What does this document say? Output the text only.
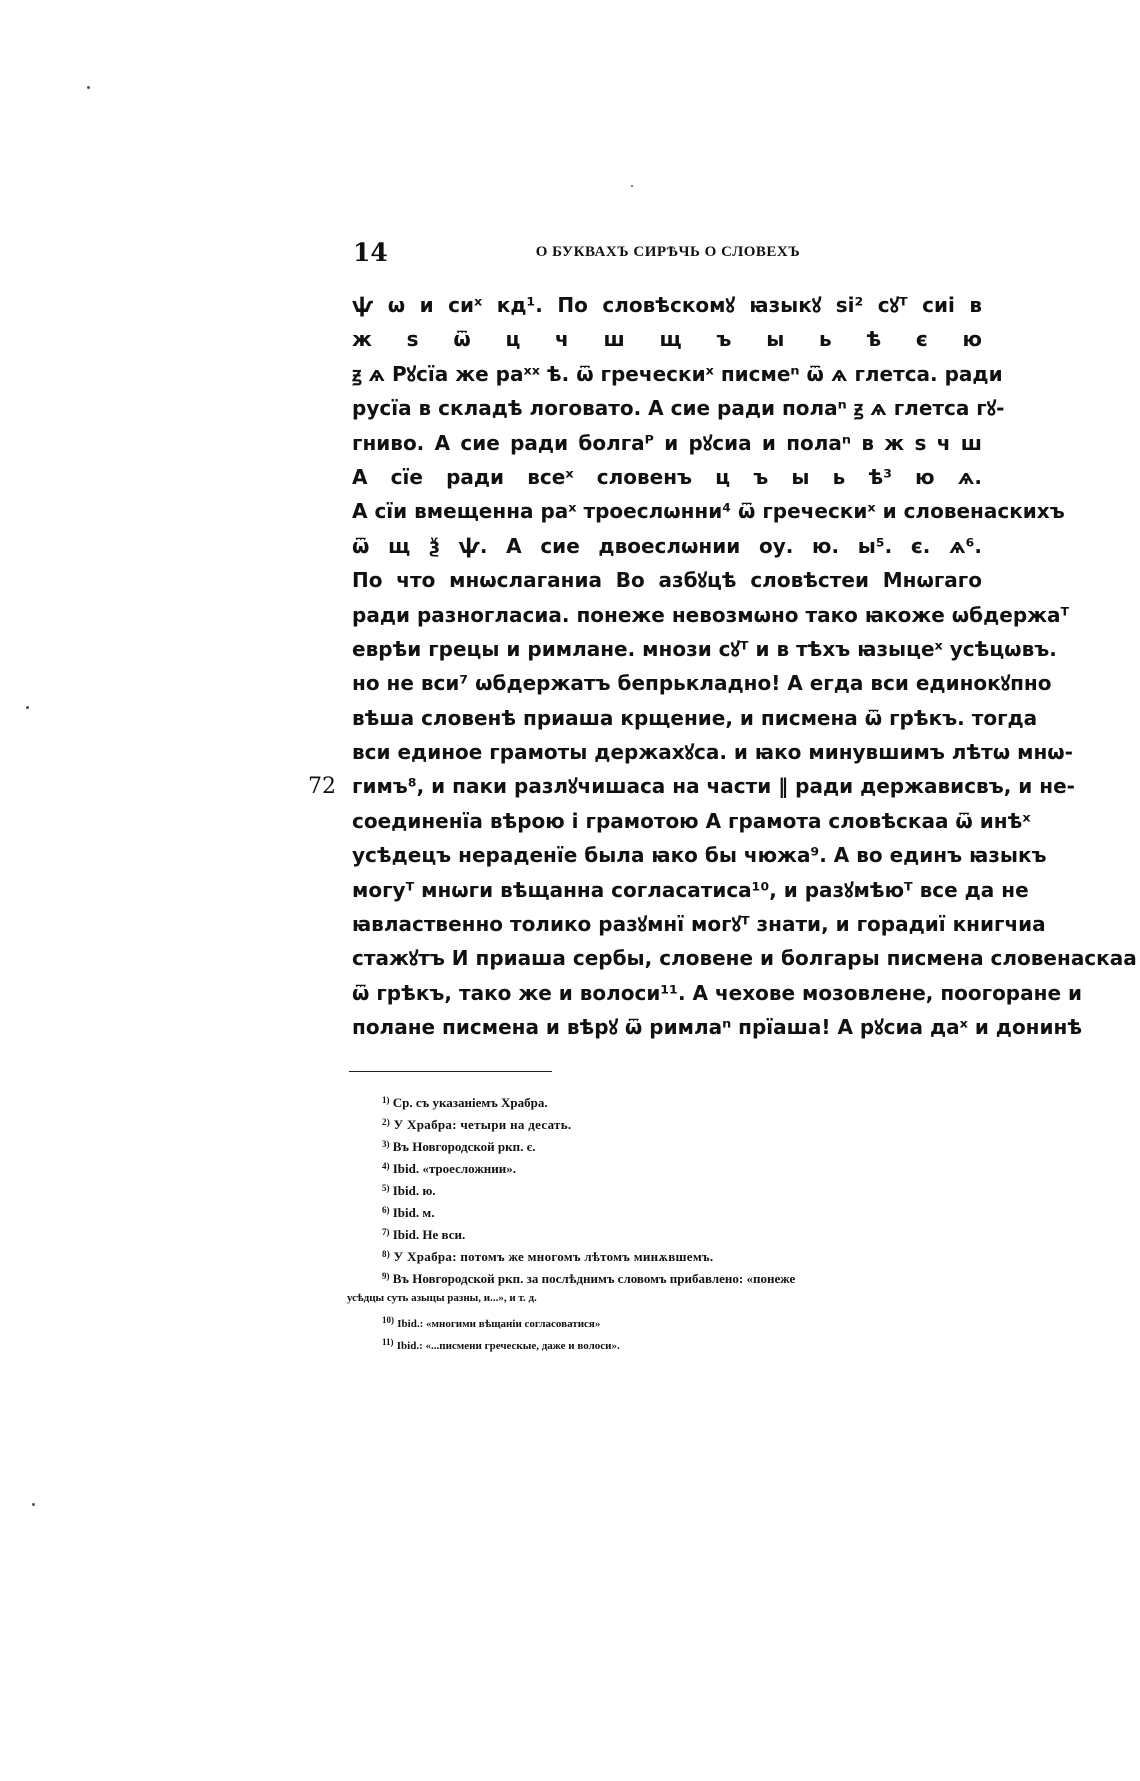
14	О БУКВАХЪ СИРѢЧЬ О СЛОВЕХЪ
72
ѱ ѡ и сиˣ кд¹. По словѣскомꙋ ꙗзыкꙋ ѕі² сꙋᵀ сиі в
ж ѕ ѿ ц ч ш щ ъ ы ь ѣ є ю
ꙃ ѧ Рꙋсїа же раˣˣ ѣ. ѿ греческиˣ писмеⁿ ѿ ѧ глетса. ради
русїа в складѣ логовато. А сие ради полаⁿ ꙃ ѧ глетса гꙋ-
гниво. А сие ради болгаᴾ и рꙋсиа и полаⁿ в ж ѕ ч ш
А сїе ради всеˣ словенъ ц ъ ы ь ѣ³ ю ѧ.
А сїи вмещенна раˣ троеслѡнни⁴ ѿ греческиˣ и словенаскихъ
ѿ щ ѯ ѱ. А сие двоеслѡнии оу. ю. ы⁵. є. ѧ⁶.
По что мнѡслаганиа Во азбꙋцѣ словѣстеи Мнѡгаго
ради разногласиа. понеже невозмѡно тако ꙗкоже ѡбдержаᵀ
еврѣи грецы и римлане. мнози сꙋᵀ и в тѣхъ ꙗзыцеˣ усѣцѡвъ.
но не вси⁷ ѡбдержатъ бепрькладно! А егда вси единокꙋпно
вѣша словенѣ приаша крщение, и писмена ѿ грѣкъ. тогда
вси единое грамоты держахꙋса. и ꙗко минувшимъ лѣтѡ мнѡ-
гимъ⁸, и паки разлꙋчишаса на части ‖ ради держависвъ, и не-
соединенїа вѣрою і грамотою А грамота словѣскаа ѿ инѣˣ
усѣдецъ нераденїе была ꙗко бы чюжа⁹. А во единъ ꙗзыкъ
могуᵀ мнѡги вѣщанна согласатиса¹⁰, и разꙋмѣюᵀ все да не
ꙗвлаственно толико разꙋмнї могꙋᵀ знати, и горадиї книгчиа
стажꙋтъ И приаша сербы, словене и болгары писмена словенаскаа
ѿ грѣкъ, тако же и волоси¹¹. А чехове мозовлене, поогоране и
полане писмена и вѣрꙋ ѿ римлаⁿ прїаша! А рꙋсиа даˣ и донинѣ
$^{1)}$ Ср. съ указаніемъ Храбра.
$^{2)}$ У Храбра: четыри на десать.
$^{3)}$ Въ Новгородской ркп. є.
$^{4)}$ Ibid. «троесложнии».
$^{5)}$ Ibid. ю.
$^{6)}$ Ibid. м.
$^{7)}$ Ibid. Не вси.
$^{8)}$ У Храбра: потомъ же многомъ лѣтомъ минѫвшемъ.
$^{9)}$ Въ Новгородской ркп. за послѣднимъ словомъ прибавлено: «понеже
усѣдцы суть азыцы разны, и...», и т. д.
$^{10)}$ Ibid.: «многими вѣщаніи согласоватися»
$^{11)}$ Ibid.: «...писмени греческые, даже и волоси».
